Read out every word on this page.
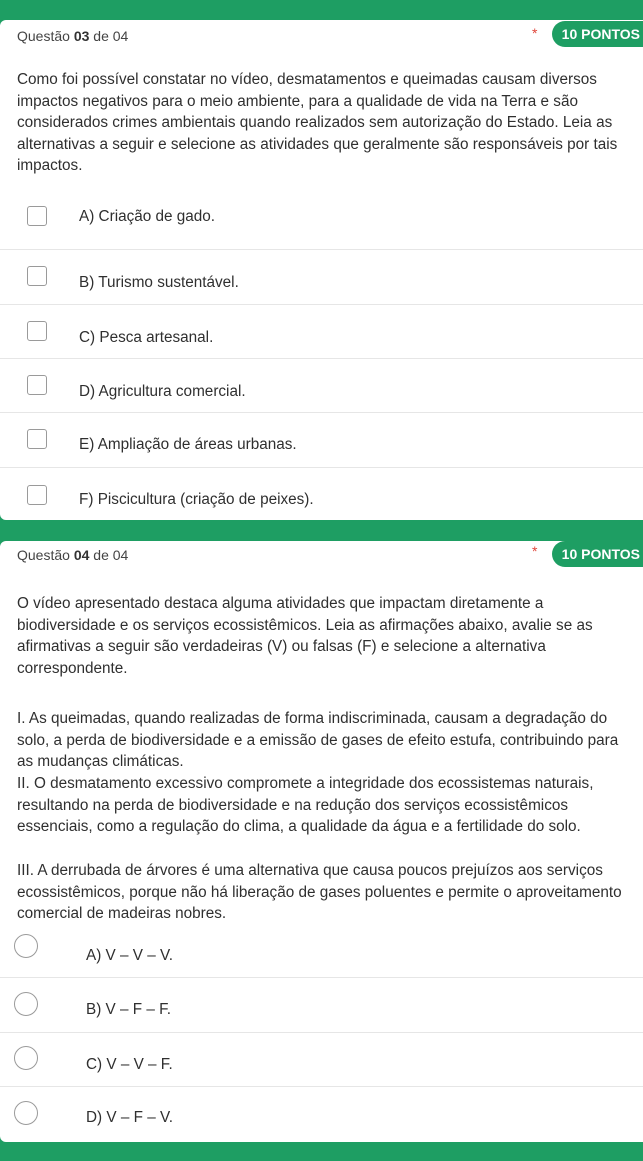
Questão 03 de 04	*	10 PONTOS
Como foi possível constatar no vídeo, desmatamentos e queimadas causam diversos impactos negativos para o meio ambiente, para a qualidade de vida na Terra e são considerados crimes ambientais quando realizados sem autorização do Estado. Leia as alternativas a seguir e selecione as atividades que geralmente são responsáveis por tais impactos.
A) Criação de gado.
B) Turismo sustentável.
C) Pesca artesanal.
D) Agricultura comercial.
E) Ampliação de áreas urbanas.
F) Piscicultura (criação de peixes).
Questão 04 de 04	*	10 PONTOS
O vídeo apresentado destaca alguma atividades que impactam diretamente a biodiversidade e os serviços ecossistêmicos. Leia as afirmações abaixo, avalie se as afirmativas a seguir são verdadeiras (V) ou falsas (F) e selecione a alternativa correspondente.
I. As queimadas, quando realizadas de forma indiscriminada, causam a degradação do solo, a perda de biodiversidade e a emissão de gases de efeito estufa, contribuindo para as mudanças climáticas.
II. O desmatamento excessivo compromete a integridade dos ecossistemas naturais, resultando na perda de biodiversidade e na redução dos serviços ecossistêmicos essenciais, como a regulação do clima, a qualidade da água e a fertilidade do solo.
III. A derrubada de árvores é uma alternativa que causa poucos prejuízos aos serviços ecossistêmicos, porque não há liberação de gases poluentes e permite o aproveitamento comercial de madeiras nobres.
A) V – V – V.
B) V – F – F.
C) V – V – F.
D) V – F – V.
